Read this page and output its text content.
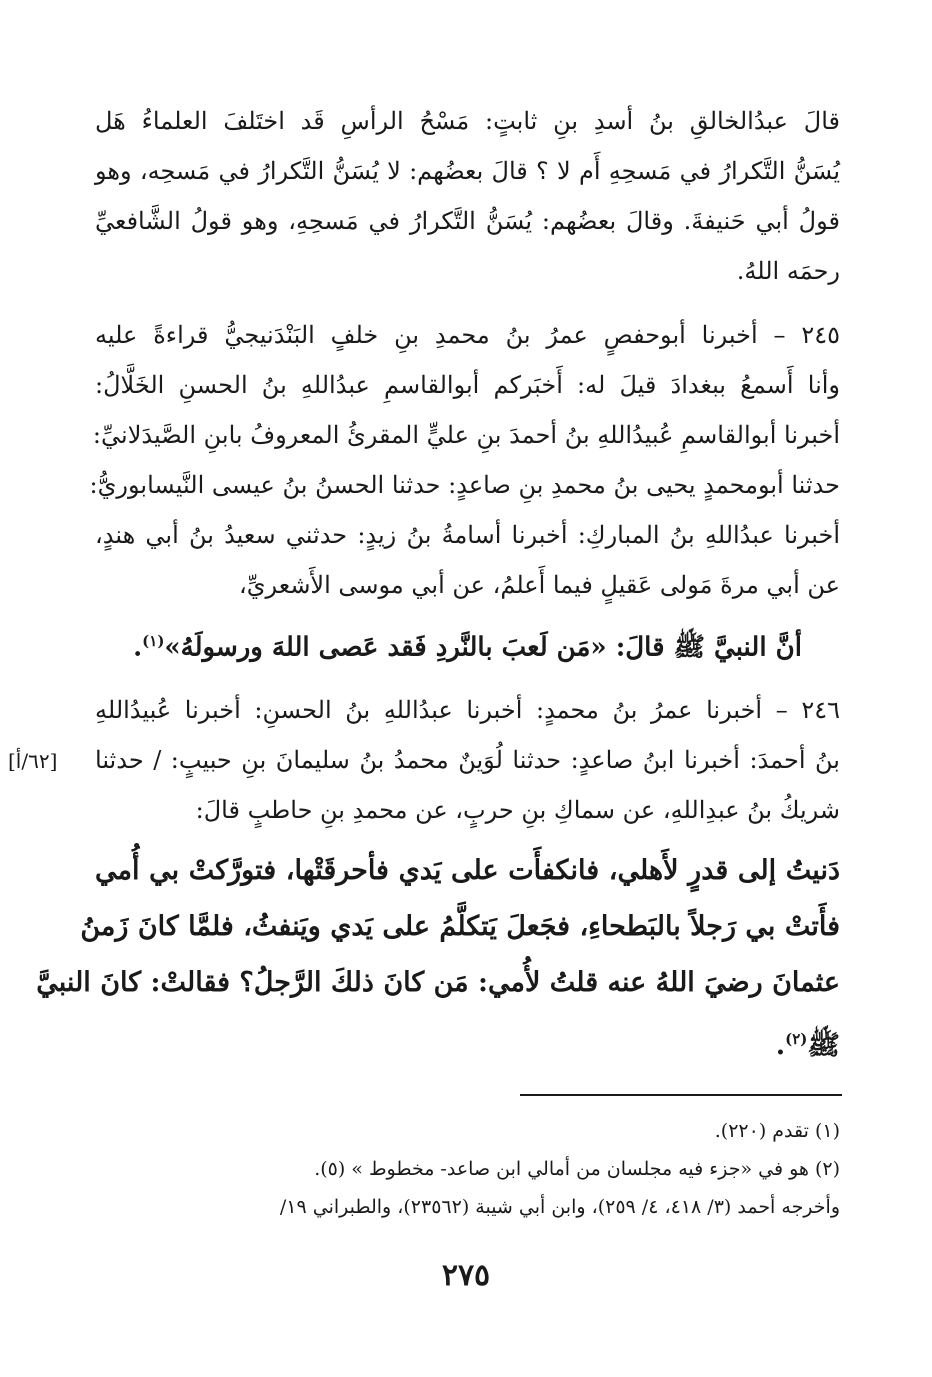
قالَ عبدُالخالقِ بنُ أسدِ بنِ ثابتٍ: مَسْحُ الرأسِ قَد اختَلفَ العلماءُ هَل
يُسَنُّ التَّكرارُ في مَسحِهِ أَم لا ؟ قالَ بعضُهم: لا يُسَنُّ التَّكرارُ في مَسحِه، وهو
قولُ أبي حَنيفةَ. وقالَ بعضُهم: يُسَنُّ التَّكرارُ في مَسحِهِ، وهو قولُ الشَّافعيِّ
رحمَه اللهُ.

٢٤٥ – أخبرنا أبوحفصٍ عمرُ بنُ محمدِ بنِ خلفٍ البَنْدَنيجيُّ قراءةً عليه
وأنا أَسمعُ ببغدادَ قيلَ له: أَخبَركم أبوالقاسمِ عبدُاللهِ بنُ الحسنِ الخَلَّالُ:
أخبرنا أبوالقاسمِ عُبيدُاللهِ بنُ أحمدَ بنِ عليٍّ المقرئُ المعروفُ بابنِ الصَّيدَلانيِّ:
حدثنا أبومحمدٍ يحيى بنُ محمدِ بنِ صاعدٍ: حدثنا الحسنُ بنُ عيسى النَّيسابوريُّ:
أخبرنا عبدُاللهِ بنُ المباركِ: أخبرنا أسامةُ بنُ زيدٍ: حدثني سعيدُ بنُ أبي هندٍ،
عن أبي مرةَ مَولى عَقيلٍ فيما أَعلمُ، عن أبي موسى الأَشعريِّ،

أنَّ النبيَّ ﷺ قالَ: «مَن لَعبَ بالنَّردِ فَقد عَصى اللهَ ورسولَهُ»$^{(١)}$.

٢٤٦ – أخبرنا عمرُ بنُ محمدٍ: أخبرنا عبدُاللهِ بنُ الحسنِ: أخبرنا عُبيدُاللهِ
بنُ أحمدَ: أخبرنا ابنُ صاعدٍ: حدثنا لُوَينٌ محمدُ بنُ سليمانَ بنِ حبيبٍ: / حدثنا
شريكُ بنُ عبدِاللهِ، عن سماكِ بنِ حربٍ، عن محمدِ بنِ حاطبٍ قالَ:

دَنيتُ إلى قدرٍ لأَهلي، فانكفأَت على يَدي فأحرقَتْها، فتورَّكتْ بي أُمي
فأَتتْ بي رَجلاً بالبَطحاءِ، فجَعلَ يَتكلَّمُ على يَدي ويَنفثُ، فلمَّا كانَ زَمنُ
عثمانَ رضيَ اللهُ عنه قلتُ لأُمي: مَن كانَ ذلكَ الرَّجلُ؟ فقالتْ: كانَ النبيَّ
ﷺ$^{(٢)}$.
[٦٢/أ]
(١) تقدم (٢٢٠).
(٢) هو في «جزء فيه مجلسان من أمالي ابن صاعد- مخطوط » (٥).
وأخرجه أحمد (٣/ ٤١٨، ٤/ ٢٥٩)، وابن أبي شيبة (٢٣٥٦٢)، والطبراني ١٩/
٢٧٥
